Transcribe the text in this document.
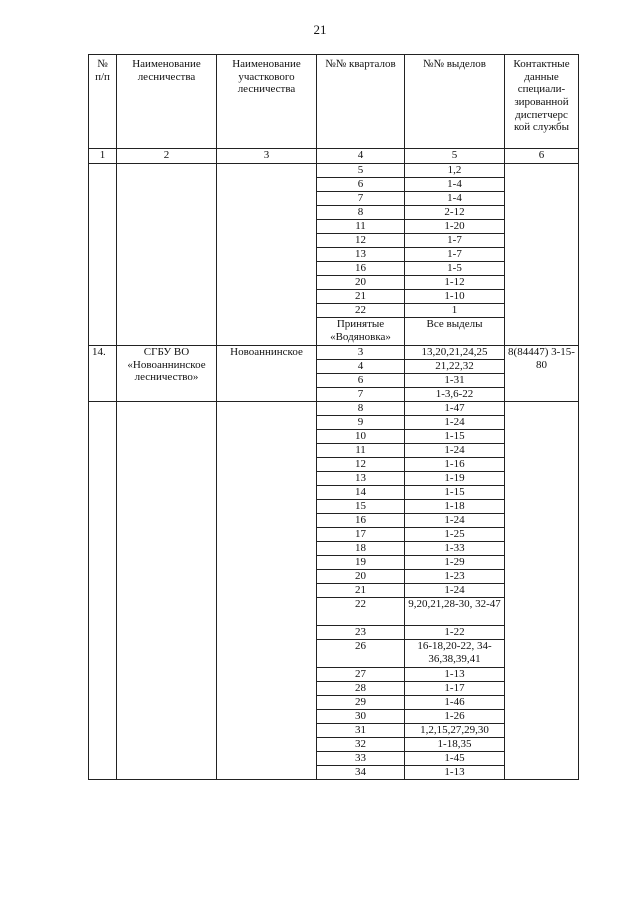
21
№ п/п	Наименование лесничества	Наименование участкового лесничества	№№ кварталов	№№ выделов	Контактные данные специали-зированной диспетчерс кой службы
1	2	3	4	5	6
			5	1,2	
			6	1-4	
			7	1-4	
			8	2-12	
			11	1-20	
			12	1-7	
			13	1-7	
			16	1-5	
			20	1-12	
			21	1-10	
			22	1	
			Принятые «Водяновка»	Все выделы	
14.	СГБУ ВО «Новоаннинское лесничество»	Новоаннинское	3	13,20,21,24,25	8(84447) 3-15-80
			4	21,22,32	
			6	1-31	
			7	1-3,6-22	
			8	1-47	
			9	1-24	
			10	1-15	
			11	1-24	
			12	1-16	
			13	1-19	
			14	1-15	
			15	1-18	
			16	1-24	
			17	1-25	
			18	1-33	
			19	1-29	
			20	1-23	
			21	1-24	
			22	9,20,21,28-30, 32-47	
			23	1-22	
			26	16-18,20-22, 34-36,38,39,41	
			27	1-13	
			28	1-17	
			29	1-46	
			30	1-26	
			31	1,2,15,27,29,30	
			32	1-18,35	
			33	1-45	
			34	1-13	
